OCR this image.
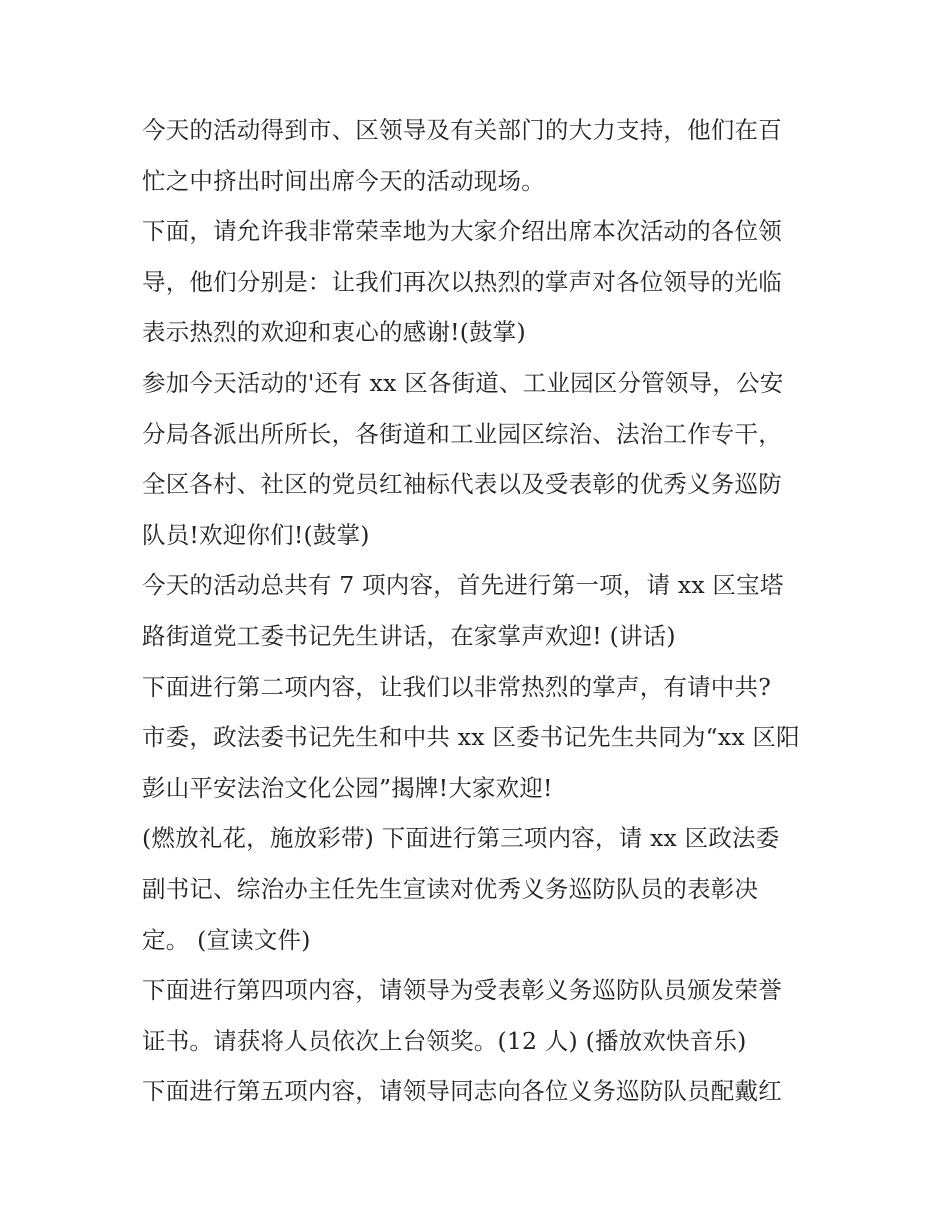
今天的活动得到市、区领导及有关部门的大力支持，他们在百
忙之中挤出时间出席今天的活动现场。
下面，请允许我非常荣幸地为大家介绍出席本次活动的各位领
导，他们分别是：让我们再次以热烈的掌声对各位领导的光临
表示热烈的欢迎和衷心的感谢!(鼓掌)
参加今天活动的'还有 xx 区各街道、工业园区分管领导，公安
分局各派出所所长，各街道和工业园区综治、法治工作专干，
全区各村、社区的党员红袖标代表以及受表彰的优秀义务巡防
队员!欢迎你们!(鼓掌)
今天的活动总共有 7 项内容，首先进行第一项，请 xx 区宝塔
路街道党工委书记先生讲话，在家掌声欢迎! (讲话)
下面进行第二项内容，让我们以非常热烈的掌声，有请中共?
市委，政法委书记先生和中共 xx 区委书记先生共同为“xx 区阳
彭山平安法治文化公园”揭牌!大家欢迎!
(燃放礼花，施放彩带) 下面进行第三项内容，请 xx 区政法委
副书记、综治办主任先生宣读对优秀义务巡防队员的表彰决
定。 (宣读文件)
下面进行第四项内容，请领导为受表彰义务巡防队员颁发荣誉
证书。请获将人员依次上台领奖。(12 人) (播放欢快音乐)
下面进行第五项内容，请领导同志向各位义务巡防队员配戴红
